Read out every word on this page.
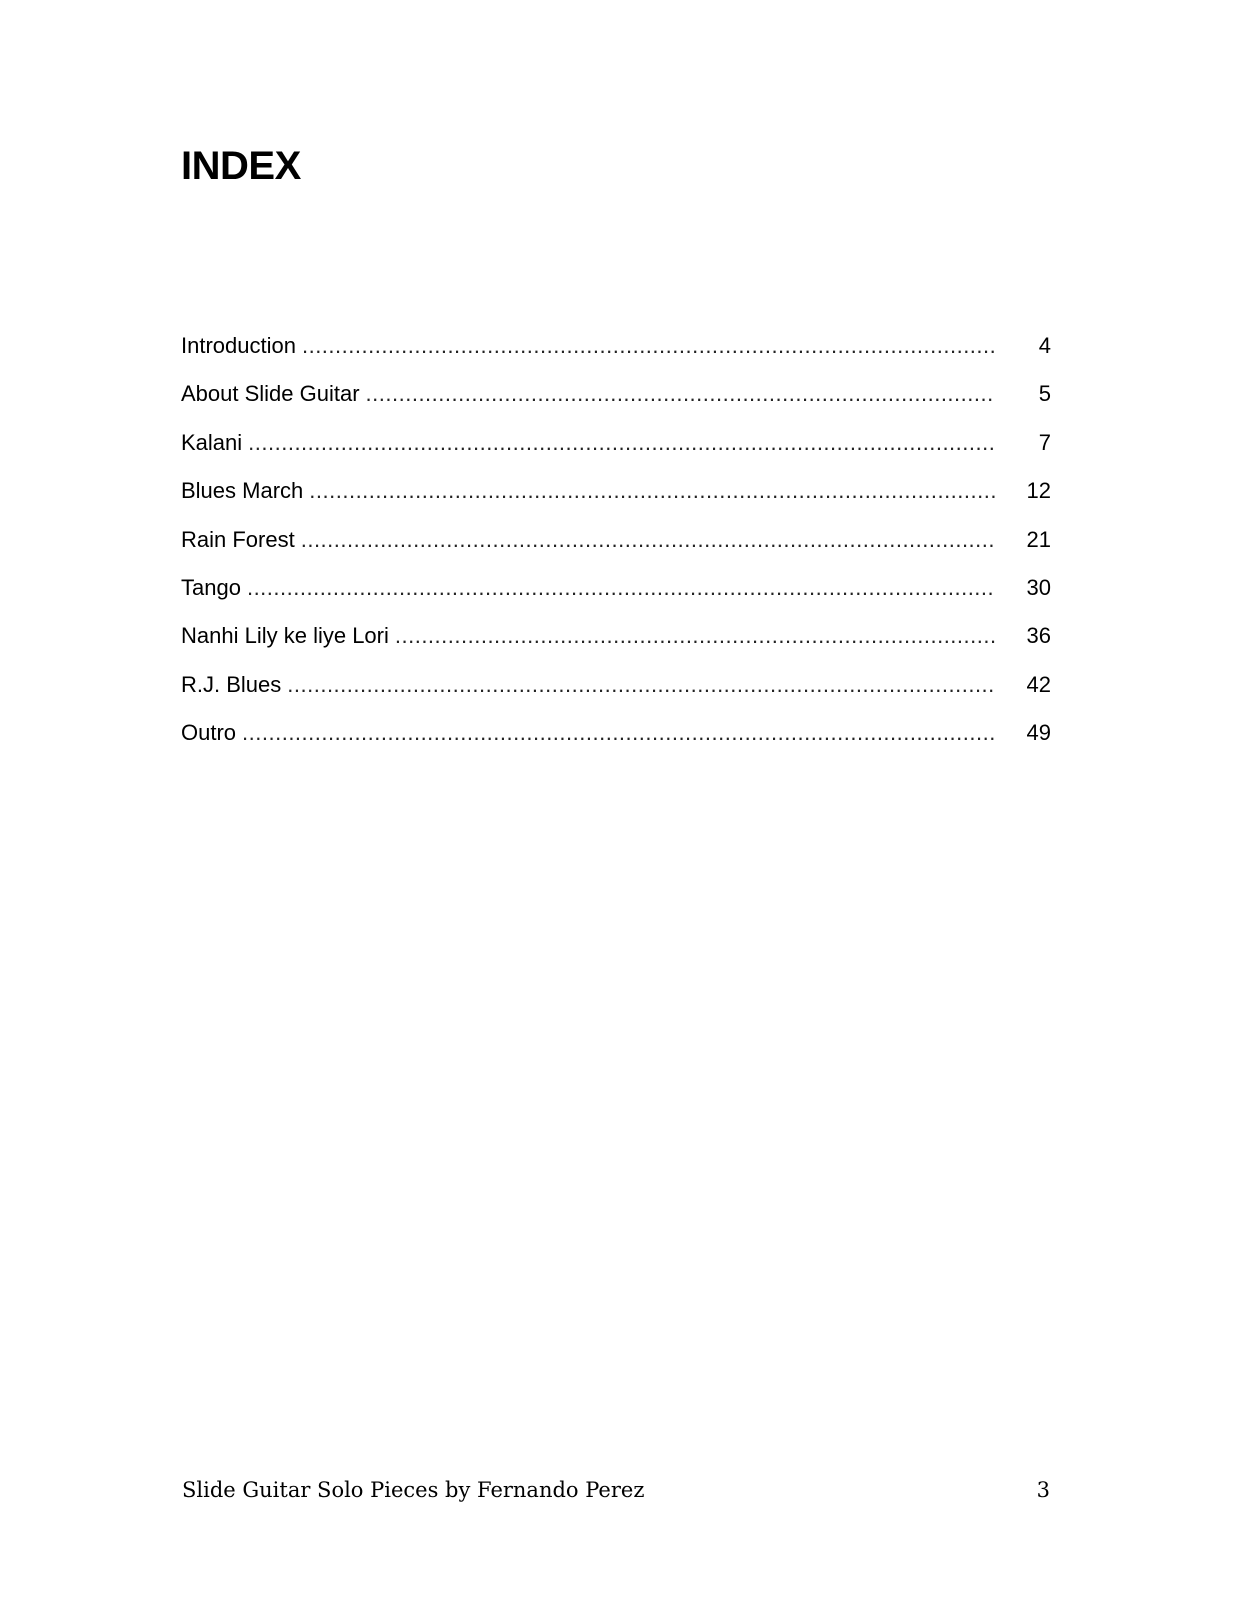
INDEX
Introduction .....	4
About Slide Guitar .....	5
Kalani .....	7
Blues March .....	12
Rain Forest .....	21
Tango .....	30
Nanhi Lily ke liye Lori .....	36
R.J. Blues .....	42
Outro .....	49
Slide Guitar Solo Pieces by Fernando Perez	3
